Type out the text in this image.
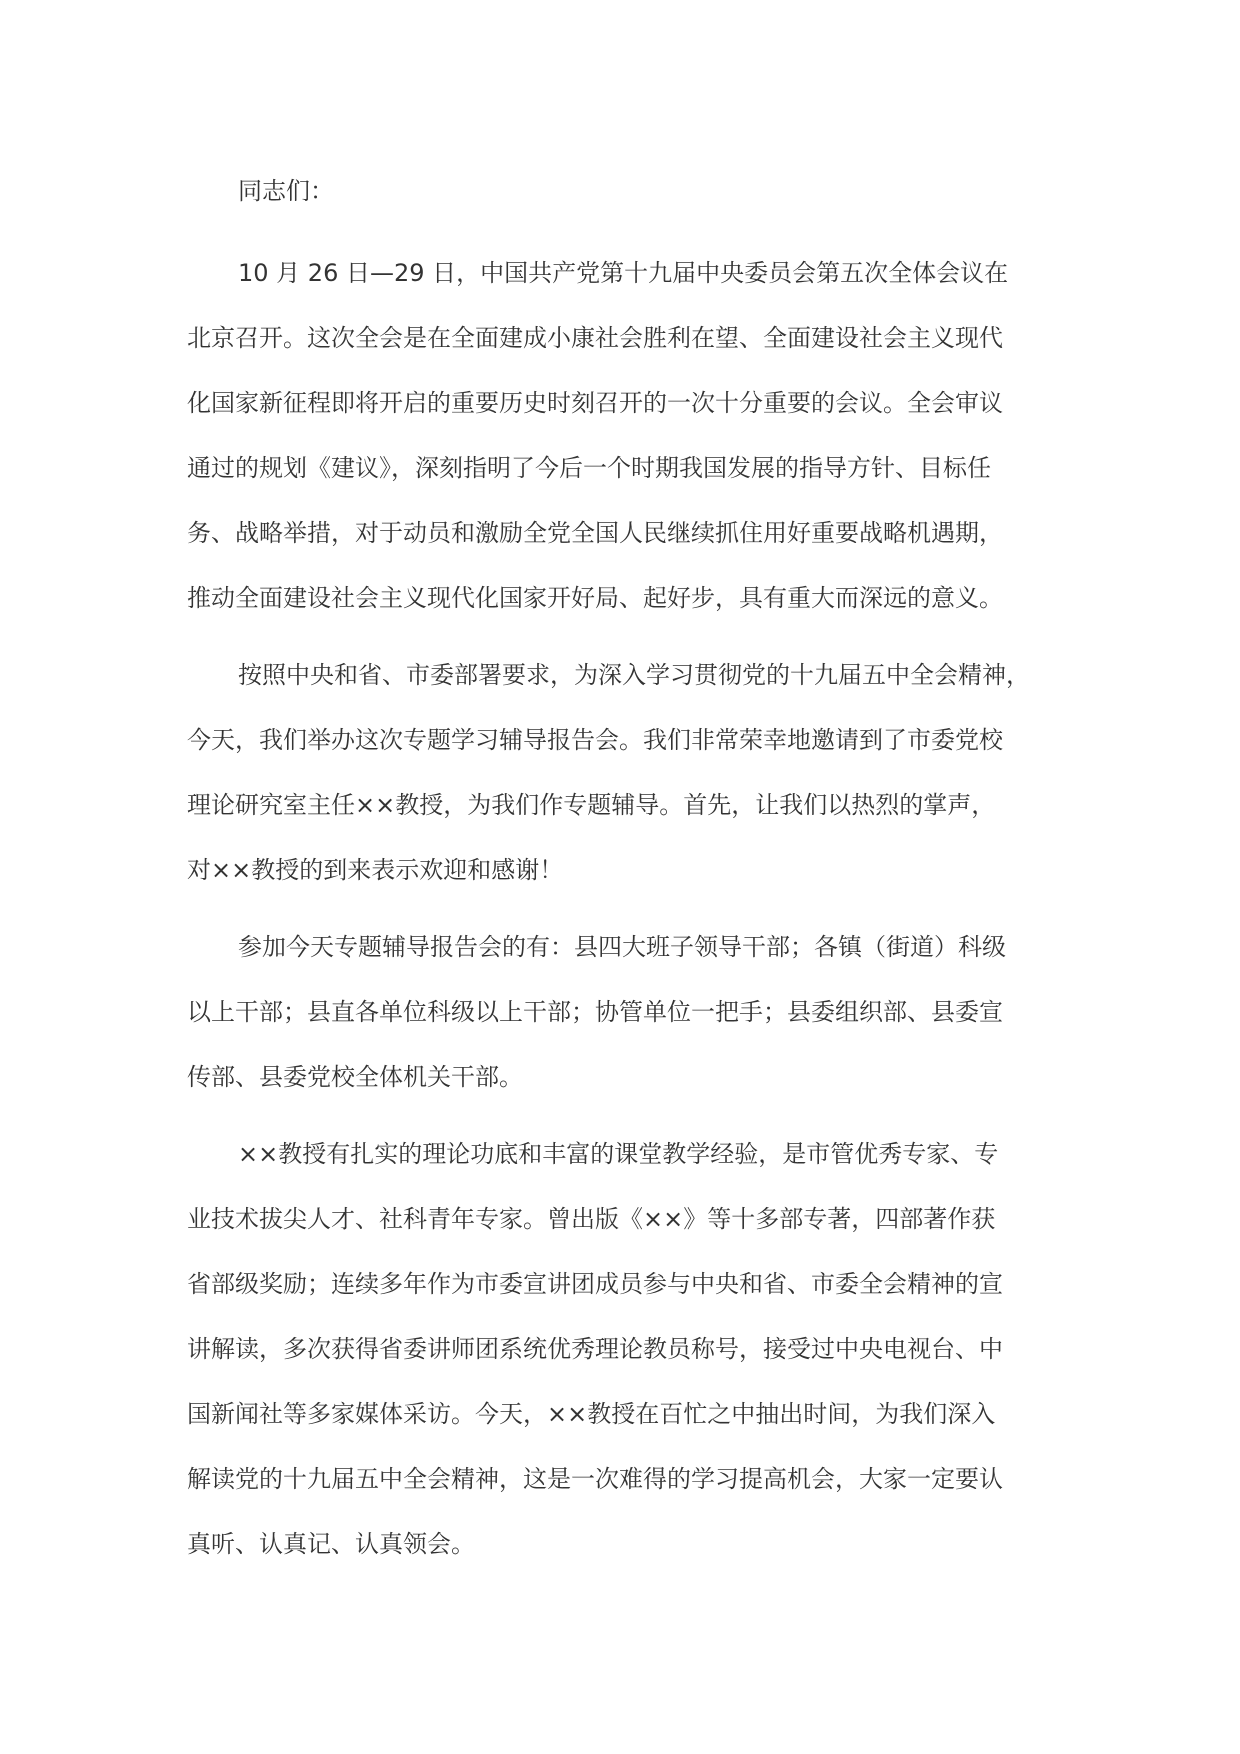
同志们：
10 月 26 日—29 日，中国共产党第十九届中央委员会第五次全体会议在
北京召开。这次全会是在全面建成小康社会胜利在望、全面建设社会主义现代
化国家新征程即将开启的重要历史时刻召开的一次十分重要的会议。全会审议
通过的规划《建议》，深刻指明了今后一个时期我国发展的指导方针、目标任
务、战略举措，对于动员和激励全党全国人民继续抓住用好重要战略机遇期，
推动全面建设社会主义现代化国家开好局、起好步，具有重大而深远的意义。
按照中央和省、市委部署要求，为深入学习贯彻党的十九届五中全会精神，
今天，我们举办这次专题学习辅导报告会。我们非常荣幸地邀请到了市委党校
理论研究室主任××教授，为我们作专题辅导。首先，让我们以热烈的掌声，
对××教授的到来表示欢迎和感谢！
参加今天专题辅导报告会的有：县四大班子领导干部；各镇（街道）科级
以上干部；县直各单位科级以上干部；协管单位一把手；县委组织部、县委宣
传部、县委党校全体机关干部。
××教授有扎实的理论功底和丰富的课堂教学经验，是市管优秀专家、专
业技术拔尖人才、社科青年专家。曾出版《××》等十多部专著，四部著作获
省部级奖励；连续多年作为市委宣讲团成员参与中央和省、市委全会精神的宣
讲解读，多次获得省委讲师团系统优秀理论教员称号，接受过中央电视台、中
国新闻社等多家媒体采访。今天，××教授在百忙之中抽出时间，为我们深入
解读党的十九届五中全会精神，这是一次难得的学习提高机会，大家一定要认
真听、认真记、认真领会。
